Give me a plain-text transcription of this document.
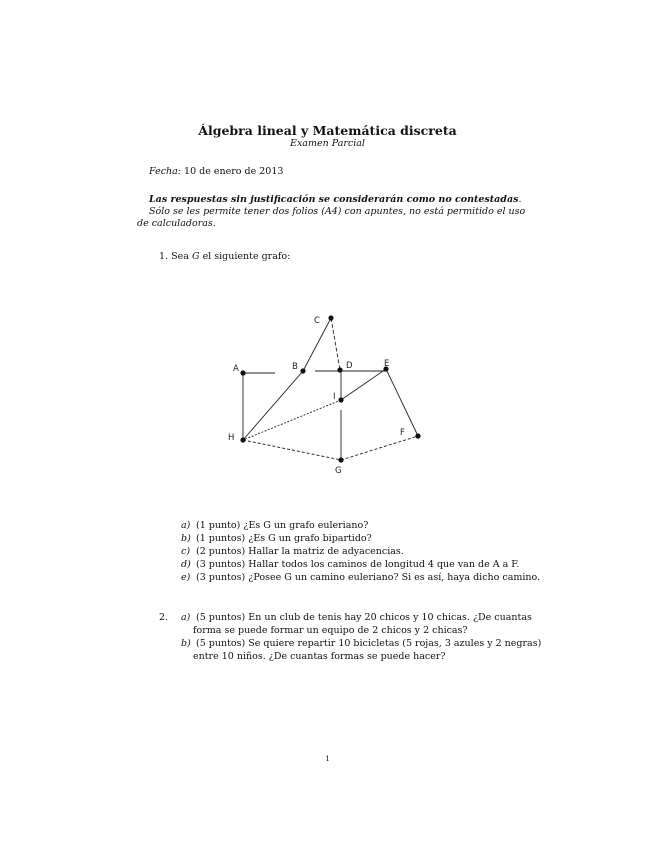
Álgebra lineal y Matemática discreta
Examen Parcial
Fecha: 10 de enero de 2013
Las respuestas sin justificación se considerarán como no contestadas.
Sólo se les permite tener dos folios (A4) con apuntes, no está permitido el uso de calculadoras.
1. Sea G el siguiente grafo:
A	B
C
D	E
F
G
H
I
a) (1 punto) ¿Es G un grafo euleriano?
b) (1 puntos) ¿Es G un grafo bipartido?
c) (2 puntos) Hallar la matriz de adyacencias.
d) (3 puntos) Hallar todos los caminos de longitud 4 que van de A a F.
e) (3 puntos) ¿Posee G un camino euleriano? Si es así, haya dicho camino.
2. a) (5 puntos) En un club de tenis hay 20 chicos y 10 chicas. ¿De cuantas
forma se puede formar un equipo de 2 chicos y 2 chicas?
b) (5 puntos) Se quiere repartir 10 bicicletas (5 rojas, 3 azules y 2 negras)
entre 10 niños. ¿De cuantas formas se puede hacer?
1
